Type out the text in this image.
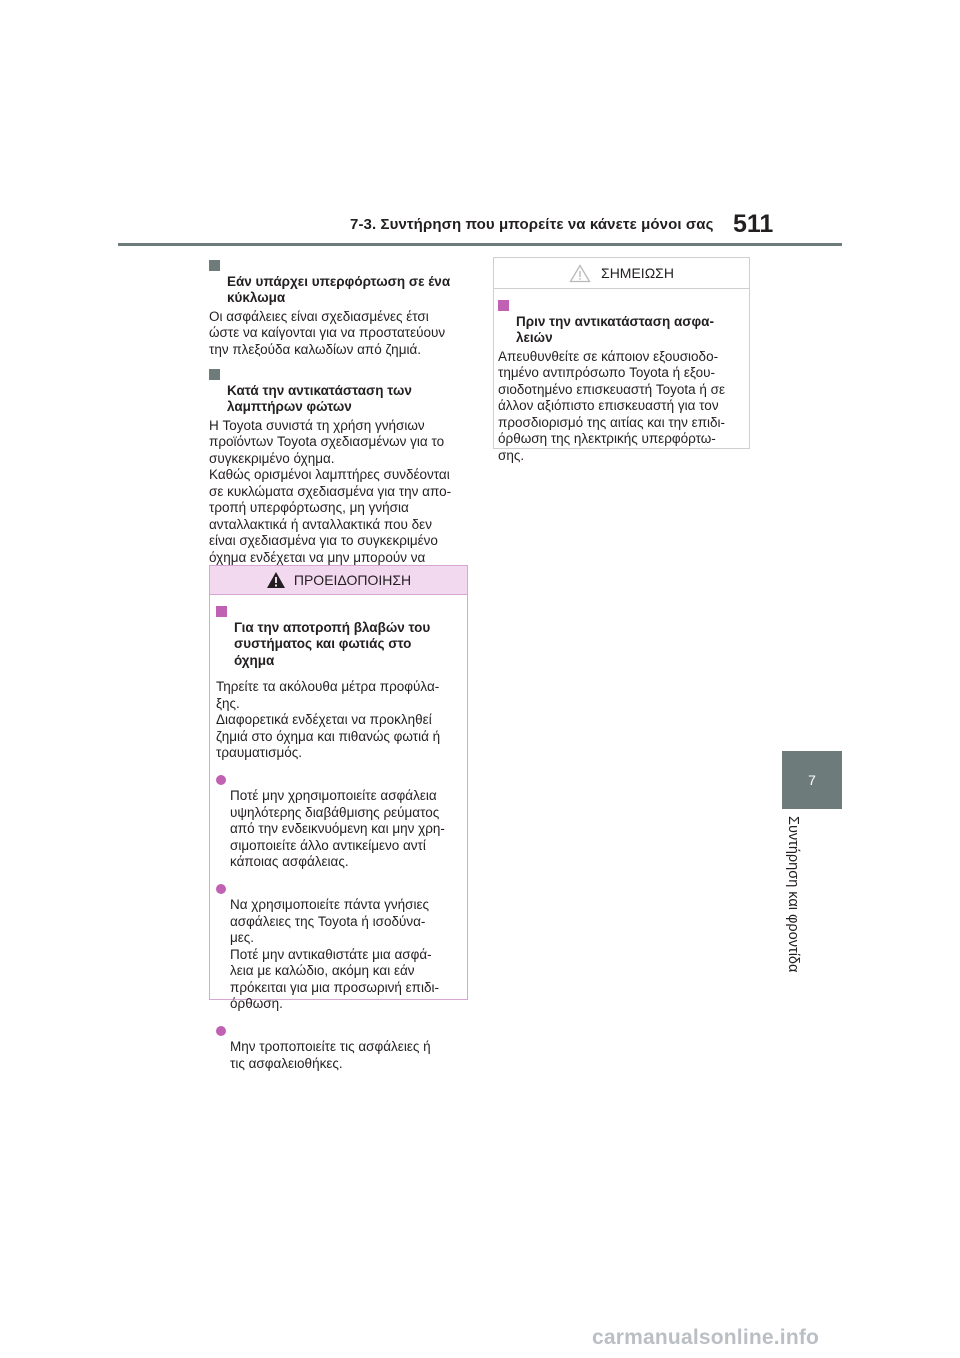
7-3. Συντήρηση που μπορείτε να κάνετε μόνοι σας 511
7
Συντήρηση και φροντίδα

Εάν υπάρχει υπερφόρτωση σε ένα
κύκλωμα

Οι ασφάλειες είναι σχεδιασμένες έτσι
ώστε να καίγονται για να προστατεύουν
την πλεξούδα καλωδίων από ζημιά.

Κατά την αντικατάσταση των
λαμπτήρων φώτων

Η Toyota συνιστά τη χρήση γνήσιων
προϊόντων Toyota σχεδιασμένων για το
συγκεκριμένο όχημα.
Καθώς ορισμένοι λαμπτήρες συνδέονται
σε κυκλώματα σχεδιασμένα για την απο-
τροπή υπερφόρτωσης, μη γνήσια
ανταλλακτικά ή ανταλλακτικά που δεν
είναι σχεδιασμένα για το συγκεκριμένο
όχημα ενδέχεται να μην μπορούν να

ΠΡΟΕΙΔΟΠΟΙΗΣΗ

Για την αποτροπή βλαβών του
συστήματος και φωτιάς στο
όχημα

Τηρείτε τα ακόλουθα μέτρα προφύλα-
ξης.
Διαφορετικά ενδέχεται να προκληθεί
ζημιά στο όχημα και πιθανώς φωτιά ή
τραυματισμός.

Ποτέ μην χρησιμοποιείτε ασφάλεια
υψηλότερης διαβάθμισης ρεύματος
από την ενδεικνυόμενη και μην χρη-
σιμοποιείτε άλλο αντικείμενο αντί
κάποιας ασφάλειας.

Να χρησιμοποιείτε πάντα γνήσιες
ασφάλειες της Toyota ή ισοδύνα-
μες.
Ποτέ μην αντικαθιστάτε μια ασφά-
λεια με καλώδιο, ακόμη και εάν
πρόκειται για μια προσωρινή επιδι-
όρθωση.

Μην τροποποιείτε τις ασφάλειες ή
τις ασφαλειοθήκες.

ΣΗΜΕΙΩΣΗ

Πριν την αντικατάσταση ασφα-
λειών

Απευθυνθείτε σε κάποιον εξουσιοδο-
τημένο αντιπρόσωπο Toyota ή εξου-
σιοδοτημένο επισκευαστή Toyota ή σε
άλλον αξιόπιστο επισκευαστή για τον
προσδιορισμό της αιτίας και την επιδι-
όρθωση της ηλεκτρικής υπερφόρτω-
σης.
carmanualsonline.info
